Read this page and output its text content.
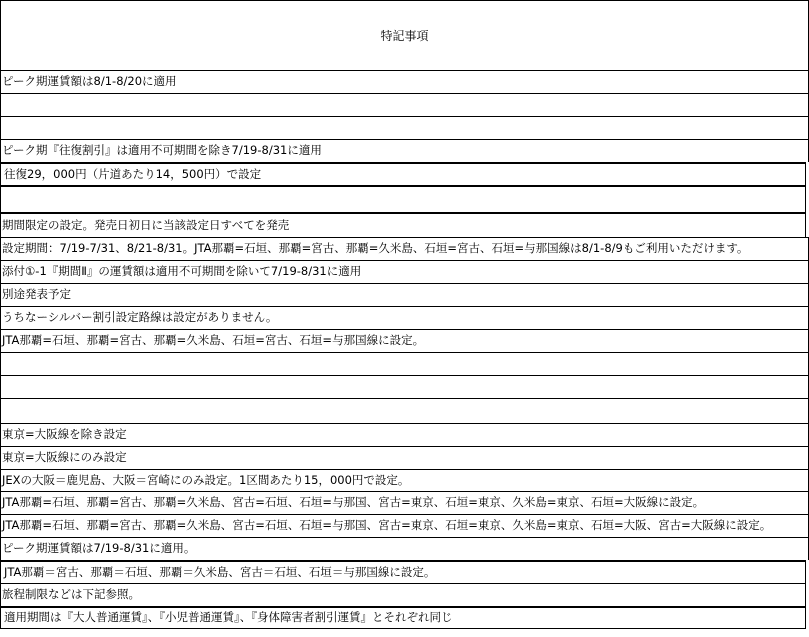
特記事項
ピーク期運賃額は8/1-8/20に適用
ピーク期『往復割引』は適用不可期間を除き7/19-8/31に適用
往復29，000円（片道あたり14，500円）で設定
期間限定の設定。発売日初日に当該設定日すべてを発売
設定期間：7/19-7/31、8/21-8/31。JTA那覇=石垣、那覇=宮古、那覇=久米島、石垣=宮古、石垣=与那国線は8/1-8/9もご利用いただけます。
添付①-1『期間Ⅱ』の運賃額は適用不可期間を除いて7/19-8/31に適用
別途発表予定
うちなーシルバー割引設定路線は設定がありません。
JTA那覇=石垣、那覇=宮古、那覇=久米島、石垣=宮古、石垣=与那国線に設定。
東京=大阪線を除き設定
東京=大阪線にのみ設定
JEXの大阪＝鹿児島、大阪＝宮崎にのみ設定。1区間あたり15，000円で設定。
JTA那覇=石垣、那覇=宮古、那覇=久米島、宮古=石垣、石垣=与那国、宮古=東京、石垣=東京、久米島=東京、石垣=大阪線に設定。
JTA那覇=石垣、那覇=宮古、那覇=久米島、宮古=石垣、石垣=与那国、宮古=東京、石垣=東京、久米島=東京、石垣=大阪、宮古=大阪線に設定。
ピーク期運賃額は7/19-8/31に適用。
JTA那覇＝宮古、那覇＝石垣、那覇＝久米島、宮古＝石垣、石垣＝与那国線に設定。
旅程制限などは下記参照。
適用期間は『大人普通運賃』、『小児普通運賃』、『身体障害者割引運賃』とそれぞれ同じ
